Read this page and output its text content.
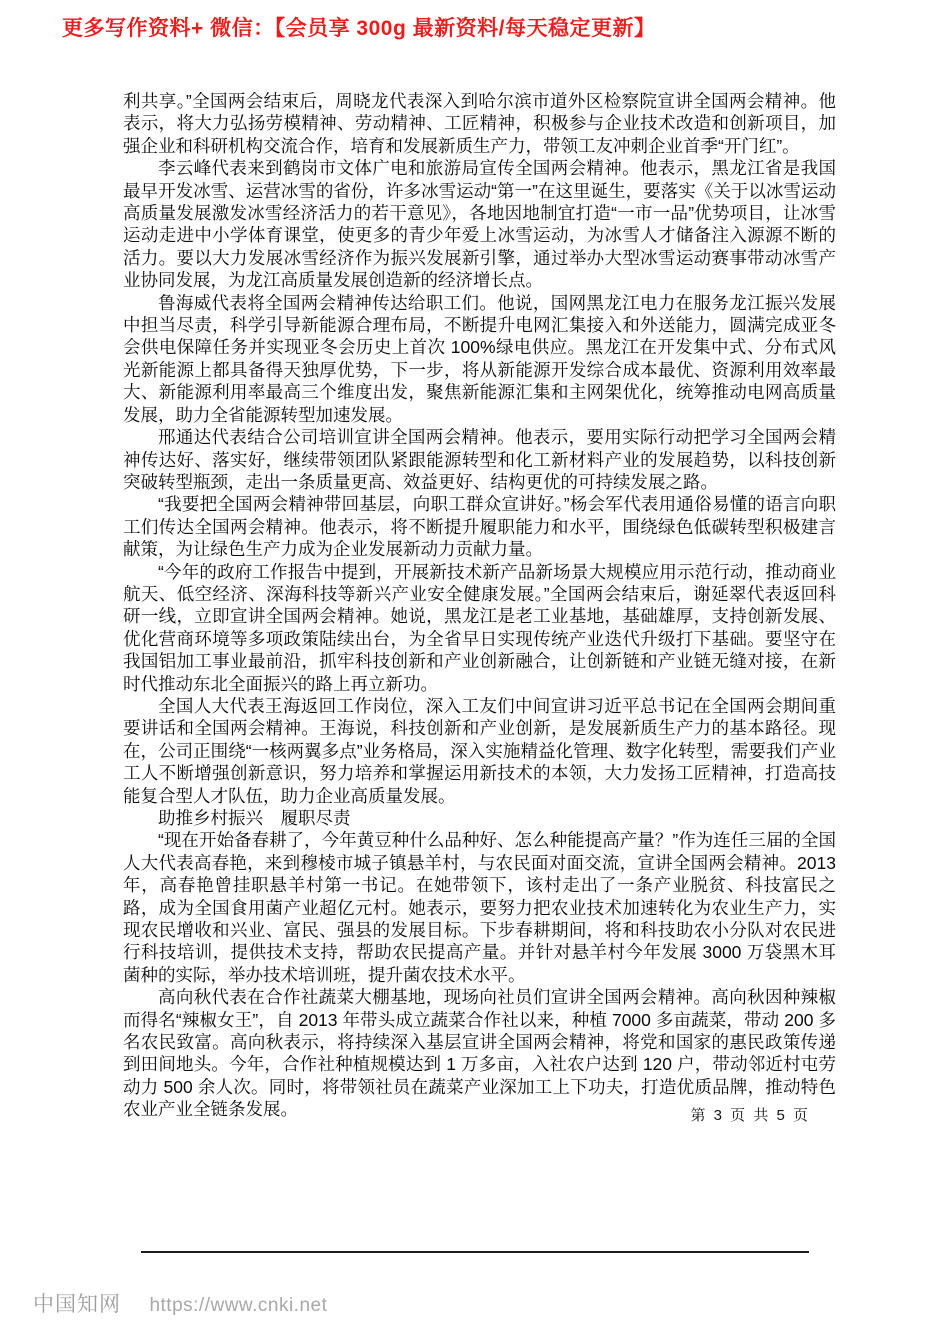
更多写作资料+ 微信：【会员享 300g 最新资料/每天稳定更新】

利共享。”全国两会结束后，周晓龙代表深入到哈尔滨市道外区检察院宣讲全国两会精神。他表示，将大力弘扬劳模精神、劳动精神、工匠精神，积极参与企业技术改造和创新项目，加强企业和科研机构交流合作，培育和发展新质生产力，带领工友冲刺企业首季“开门红”。

李云峰代表来到鹤岗市文体广电和旅游局宣传全国两会精神。他表示，黑龙江省是我国最早开发冰雪、运营冰雪的省份，许多冰雪运动“第一”在这里诞生，要落实《关于以冰雪运动高质量发展激发冰雪经济活力的若干意见》，各地因地制宜打造“一市一品”优势项目，让冰雪运动走进中小学体育课堂，使更多的青少年爱上冰雪运动，为冰雪人才储备注入源源不断的活力。要以大力发展冰雪经济作为振兴发展新引擎，通过举办大型冰雪运动赛事带动冰雪产业协同发展，为龙江高质量发展创造新的经济增长点。

鲁海威代表将全国两会精神传达给职工们。他说，国网黑龙江电力在服务龙江振兴发展中担当尽责，科学引导新能源合理布局，不断提升电网汇集接入和外送能力，圆满完成亚冬会供电保障任务并实现亚冬会历史上首次 100%绿电供应。黑龙江在开发集中式、分布式风光新能源上都具备得天独厚优势，下一步，将从新能源开发综合成本最优、资源利用效率最大、新能源利用率最高三个维度出发，聚焦新能源汇集和主网架优化，统筹推动电网高质量发展，助力全省能源转型加速发展。

邢通达代表结合公司培训宣讲全国两会精神。他表示，要用实际行动把学习全国两会精神传达好、落实好，继续带领团队紧跟能源转型和化工新材料产业的发展趋势，以科技创新突破转型瓶颈，走出一条质量更高、效益更好、结构更优的可持续发展之路。

“我要把全国两会精神带回基层，向职工群众宣讲好。”杨会军代表用通俗易懂的语言向职工们传达全国两会精神。他表示，将不断提升履职能力和水平，围绕绿色低碳转型积极建言献策，为让绿色生产力成为企业发展新动力贡献力量。

“今年的政府工作报告中提到，开展新技术新产品新场景大规模应用示范行动，推动商业航天、低空经济、深海科技等新兴产业安全健康发展。”全国两会结束后，谢延翠代表返回科研一线，立即宣讲全国两会精神。她说，黑龙江是老工业基地，基础雄厚，支持创新发展、优化营商环境等多项政策陆续出台，为全省早日实现传统产业迭代升级打下基础。要坚守在我国铝加工事业最前沿，抓牢科技创新和产业创新融合，让创新链和产业链无缝对接，在新时代推动东北全面振兴的路上再立新功。

全国人大代表王海返回工作岗位，深入工友们中间宣讲习近平总书记在全国两会期间重要讲话和全国两会精神。王海说，科技创新和产业创新，是发展新质生产力的基本路径。现在，公司正围绕“一核两翼多点”业务格局，深入实施精益化管理、数字化转型，需要我们产业工人不断增强创新意识，努力培养和掌握运用新技术的本领，大力发扬工匠精神，打造高技能复合型人才队伍，助力企业高质量发展。

助推乡村振兴　履职尽责

“现在开始备春耕了，今年黄豆种什么品种好、怎么种能提高产量？”作为连任三届的全国人大代表高春艳，来到穆棱市城子镇悬羊村，与农民面对面交流，宣讲全国两会精神。2013 年，高春艳曾挂职悬羊村第一书记。在她带领下，该村走出了一条产业脱贫、科技富民之路，成为全国食用菌产业超亿元村。她表示，要努力把农业技术加速转化为农业生产力，实现农民增收和兴业、富民、强县的发展目标。下步春耕期间，将和科技助农小分队对农民进行科技培训，提供技术支持，帮助农民提高产量。并针对悬羊村今年发展 3000 万袋黑木耳菌种的实际，举办技术培训班，提升菌农技术水平。

高向秋代表在合作社蔬菜大棚基地，现场向社员们宣讲全国两会精神。高向秋因种辣椒而得名“辣椒女王”，自 2013 年带头成立蔬菜合作社以来，种植 7000 多亩蔬菜，带动 200 多名农民致富。高向秋表示，将持续深入基层宣讲全国两会精神，将党和国家的惠民政策传递到田间地头。今年，合作社种植规模达到 1 万多亩，入社农户达到 120 户，带动邻近村屯劳动力 500 余人次。同时，将带领社员在蔬菜产业深加工上下功夫，打造优质品牌，推动特色农业产业全链条发展。	第 3 页 共 5 页
中国知网 https://www.cnki.net
